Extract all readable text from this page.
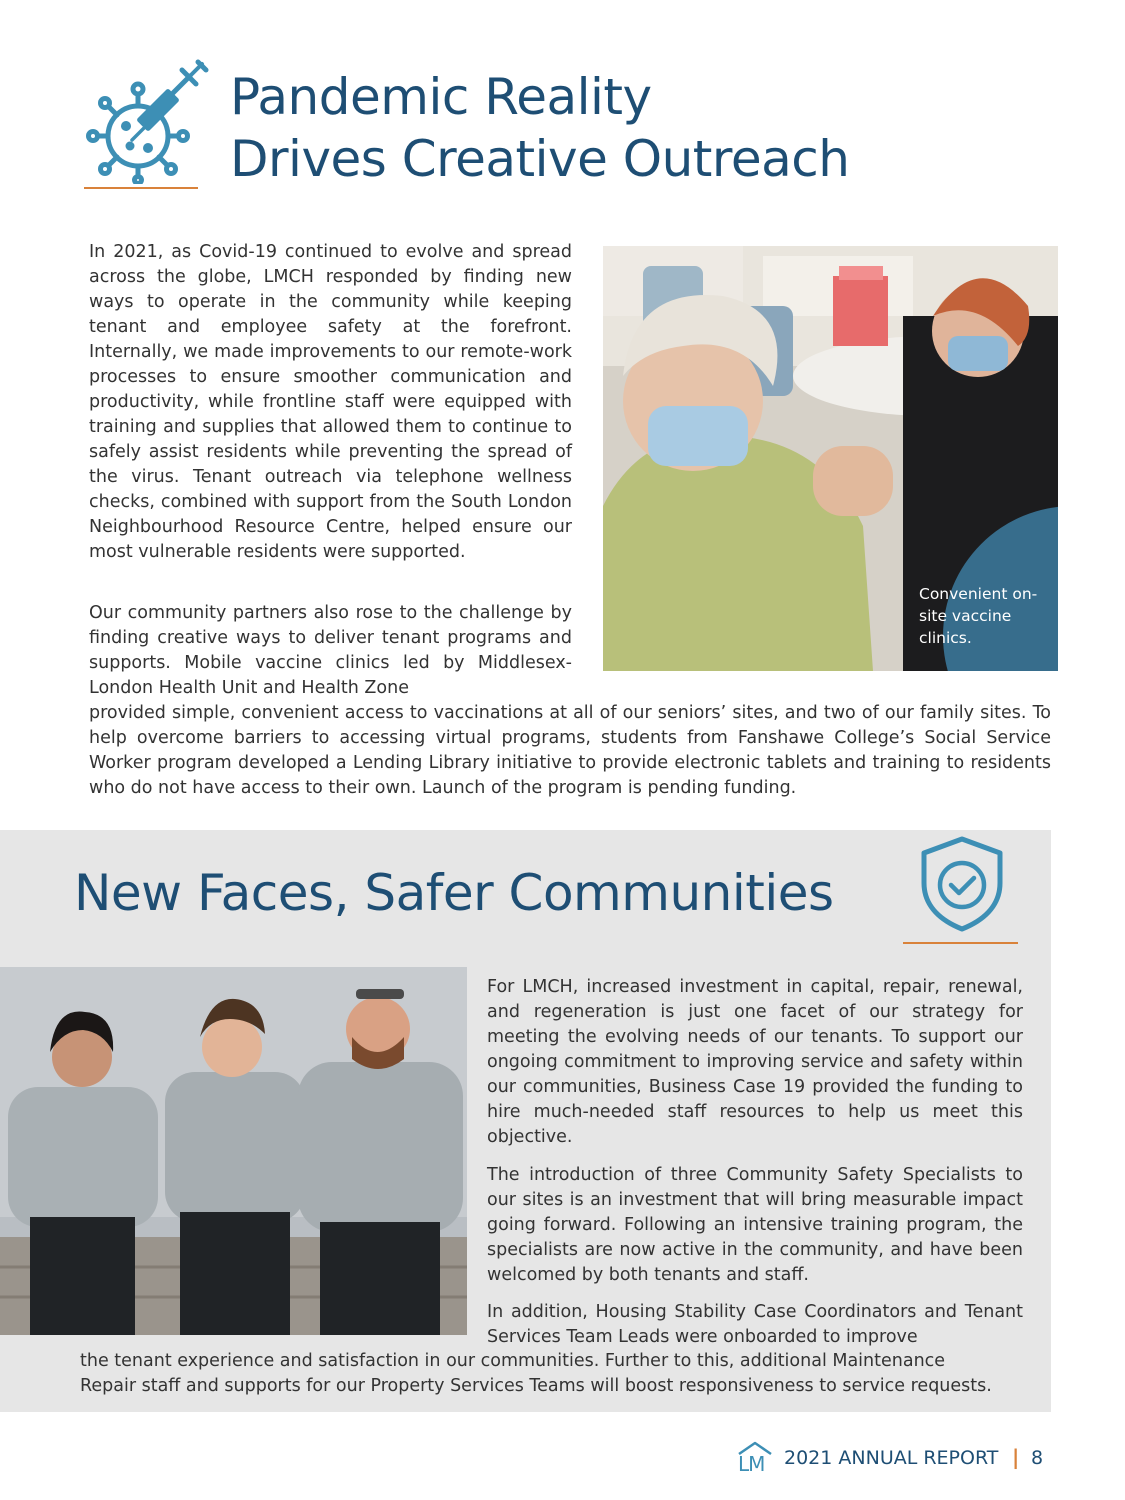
Pandemic Reality
Drives Creative Outreach

In 2021, as Covid-19 continued to evolve and spread across the globe, LMCH responded by finding new ways to operate in the community while keeping tenant and employee safety at the forefront. Internally, we made improvements to our remote-work processes to ensure smoother communication and productivity, while frontline staff were equipped with training and supplies that allowed them to continue to safely assist residents while preventing the spread of the virus. Tenant outreach via telephone wellness checks, combined with support from the South London Neighbourhood Resource Centre, helped ensure our most vulnerable residents were supported.

Our community partners also rose to the challenge by finding creative ways to deliver tenant programs and supports. Mobile vaccine clinics led by Middlesex-London Health Unit and Health Zone

provided simple, convenient access to vaccinations at all of our seniors’ sites, and two of our family sites. To help overcome barriers to accessing virtual programs, students from Fanshawe College’s Social Service Worker program developed a Lending Library initiative to provide electronic tablets and training to residents who do not have access to their own. Launch of the program is pending funding.

Convenient on-site vaccine clinics.
New Faces, Safer Communities

For LMCH, increased investment in capital, repair, renewal, and regeneration is just one facet of our strategy for meeting the evolving needs of our tenants. To support our ongoing commitment to improving service and safety within our communities, Business Case 19 provided the funding to hire much-needed staff resources to help us meet this objective.

The introduction of three Community Safety Specialists to our sites is an investment that will bring measurable impact going forward. Following an intensive training program, the specialists are now active in the community, and have been welcomed by both tenants and staff.

In addition, Housing Stability Case Coordinators and Tenant Services Team Leads were onboarded to improve

the tenant experience and satisfaction in our communities. Further to this, additional Maintenance
Repair staff and supports for our Property Services Teams will boost responsiveness to service requests.
LM 2021 ANNUAL REPORT | 8
